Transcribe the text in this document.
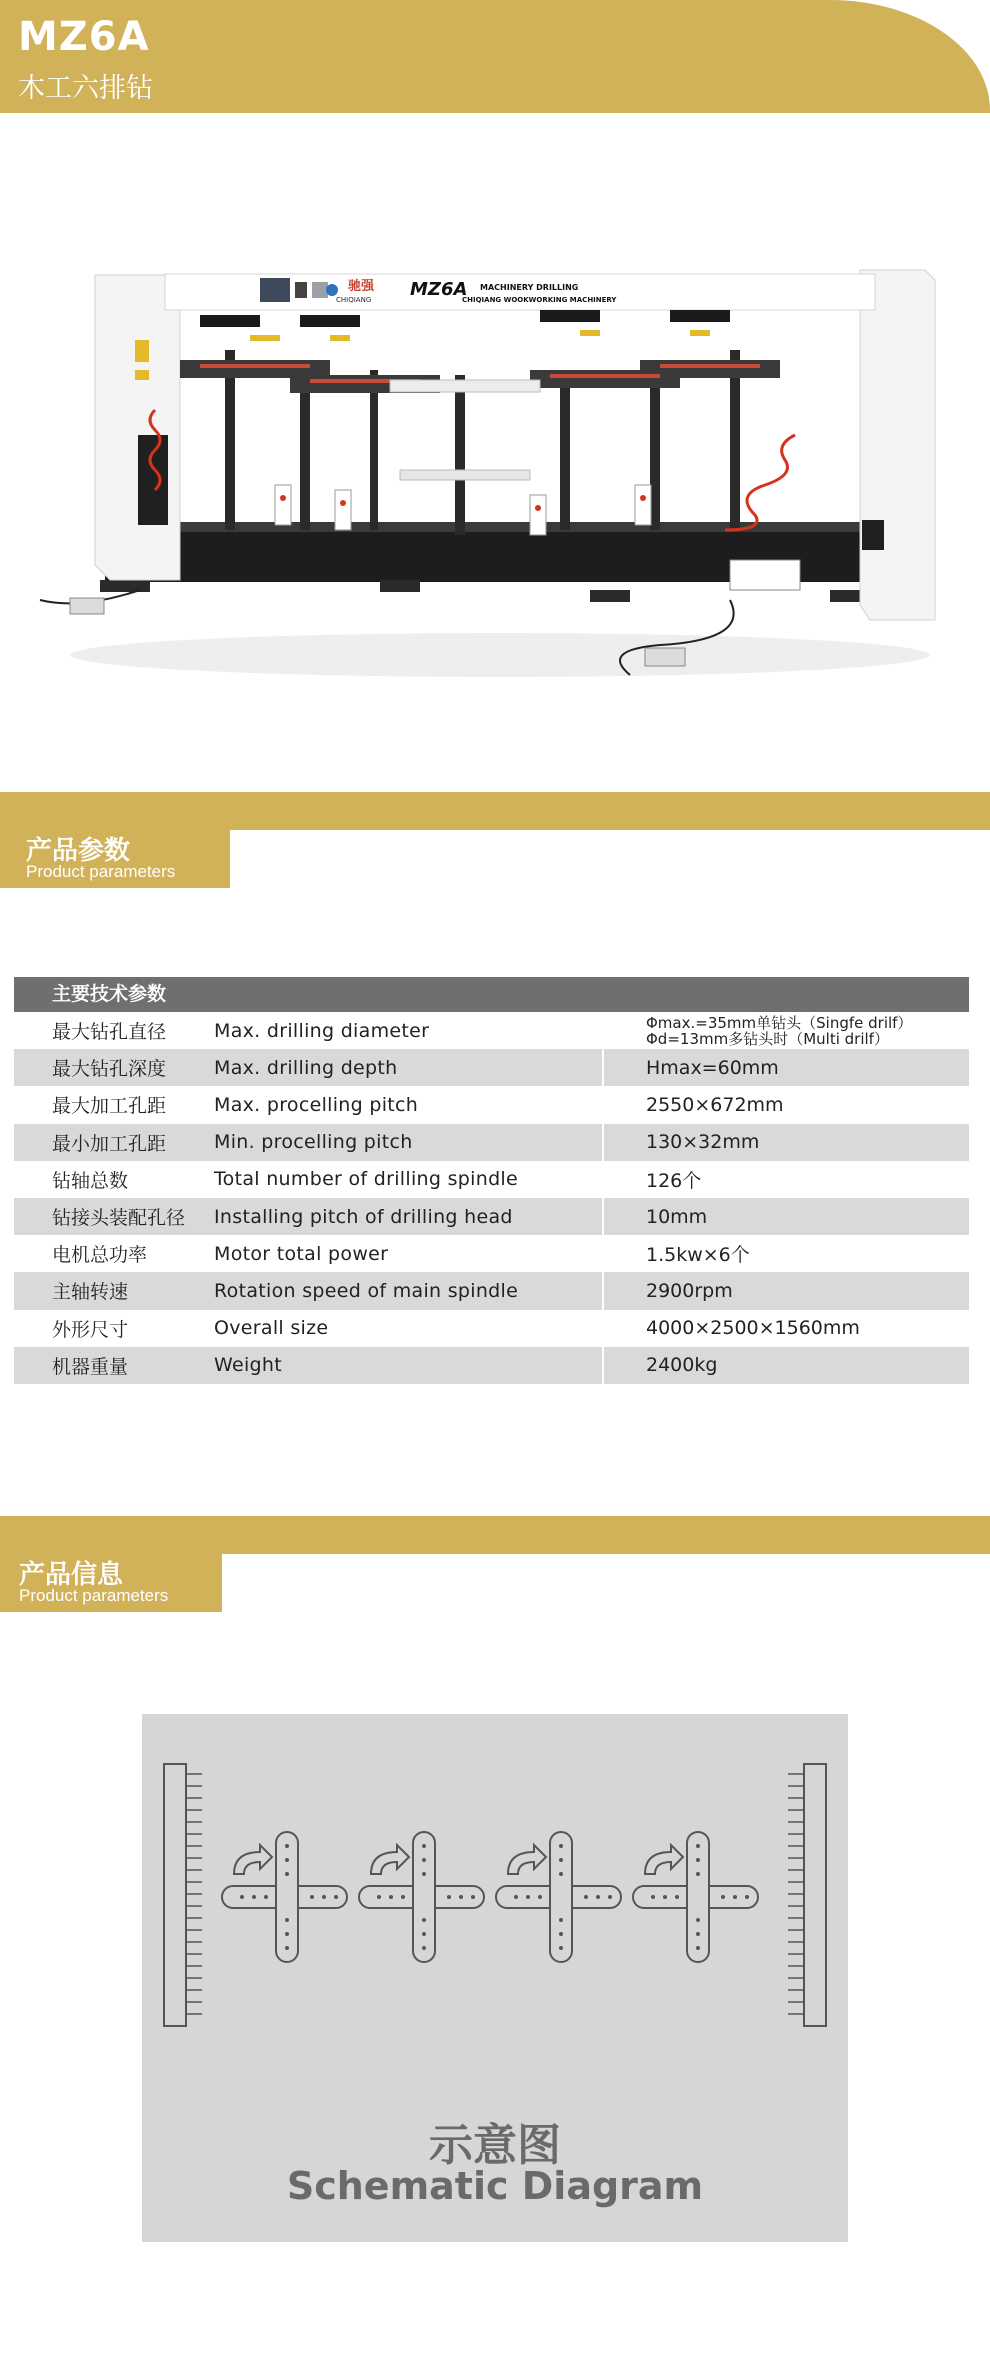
MZ6A
木工六排钻
驰强
CHIQIANG MZ6A MACHINERY DRILLING
CHIQIANG WOOKWORKING MACHINERY
产品参数
Product parameters
主要技术参数
最大钻孔直径	Max. drilling diameter	Φmax.=35mm单钻头（Singfe drilf）
Φd=13mm多钻头时（Multi drilf）
最大钻孔深度	Max. drilling depth	Hmax=60mm
最大加工孔距	Max. procelling pitch	2550×672mm
最小加工孔距	Min. procelling pitch	130×32mm
钻轴总数	Total number of drilling spindle	126个
钻接头装配孔径	Installing pitch of drilling head	10mm
电机总功率	Motor total power	1.5kw×6个
主轴转速	Rotation speed of main spindle	2900rpm
外形尺寸	Overall size	4000×2500×1560mm
机器重量	Weight	2400kg
产品信息
Product parameters
示意图
Schematic Diagram
